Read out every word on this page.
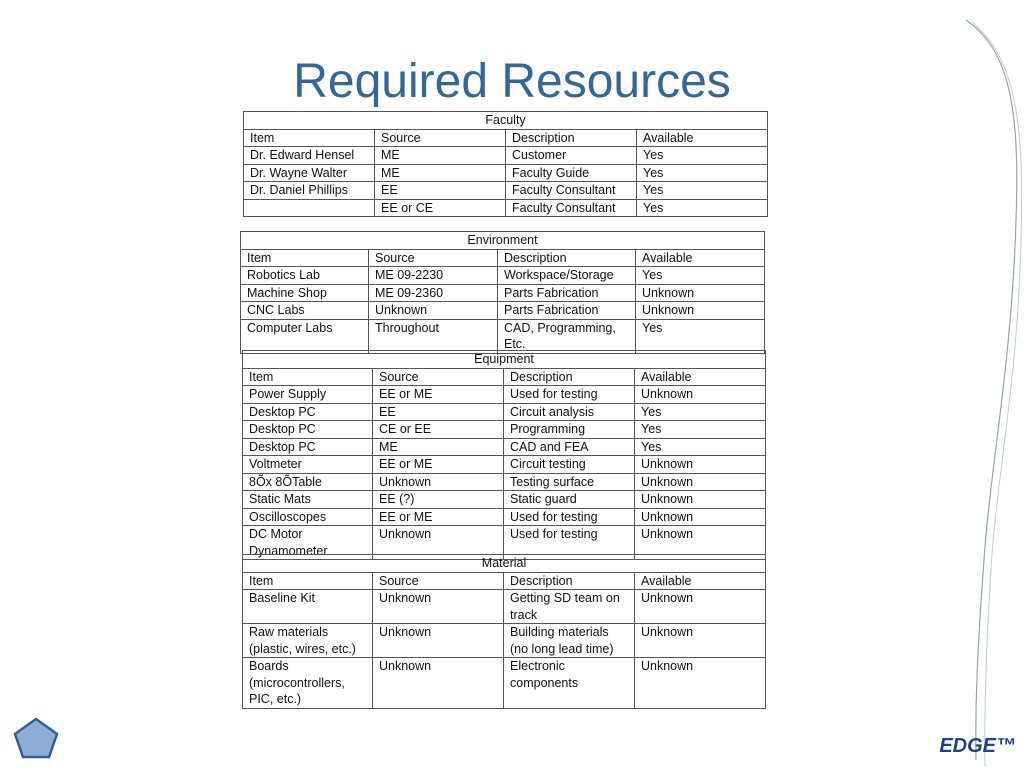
Required Resources
Faculty			
Item	Source	Description	Available
Dr. Edward Hensel	ME	Customer	Yes
Dr. Wayne Walter	ME	Faculty Guide	Yes
Dr. Daniel Phillips	EE	Faculty Consultant	Yes
	EE or CE	Faculty Consultant	Yes
Environment			
Item	Source	Description	Available
Robotics Lab	ME 09-2230	Workspace/Storage	Yes
Machine Shop	ME 09-2360	Parts Fabrication	Unknown
CNC Labs	Unknown	Parts Fabrication	Unknown
Computer Labs	Throughout	CAD, Programming, Etc.	Yes
Equipment			
Item	Source	Description	Available
Power Supply	EE or ME	Used for testing	Unknown
Desktop PC	EE	Circuit analysis	Yes
Desktop PC	CE or EE	Programming	Yes
Desktop PC	ME	CAD and FEA	Yes
Voltmeter	EE or ME	Circuit testing	Unknown
8Õx 8ÕTable	Unknown	Testing surface	Unknown
Static Mats	EE (?)	Static guard	Unknown
Oscilloscopes	EE or ME	Used for testing	Unknown
DC Motor Dynamometer	Unknown	Used for testing	Unknown
Material			
Item	Source	Description	Available
Baseline Kit	Unknown	Getting SD team on track	Unknown
Raw materials (plastic, wires, etc.)	Unknown	Building materials (no long lead time)	Unknown
Boards (microcontrollers, PIC, etc.)	Unknown	Electronic components	Unknown
EDGE™
